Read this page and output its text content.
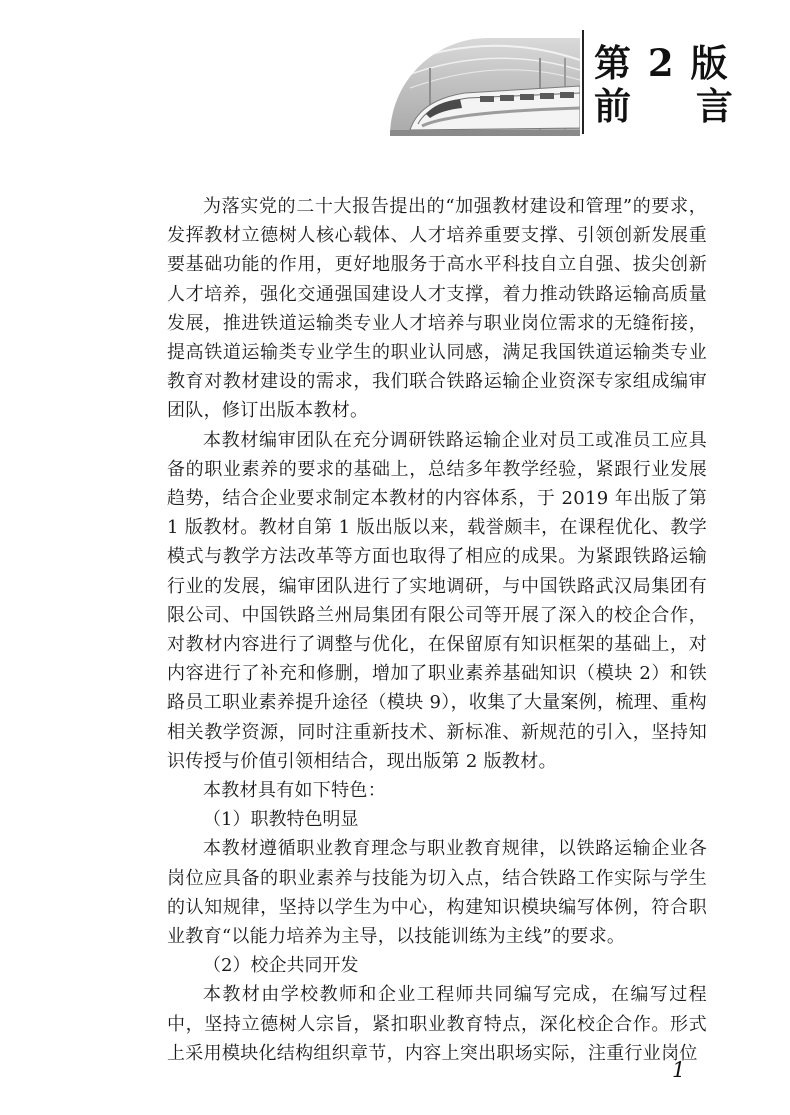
第 2 版
前 言

为落实党的二十大报告提出的“加强教材建设和管理”的要求，发挥教材立德树人核心载体、人才培养重要支撑、引领创新发展重要基础功能的作用，更好地服务于高水平科技自立自强、拔尖创新人才培养，强化交通强国建设人才支撑，着力推动铁路运输高质量发展，推进铁道运输类专业人才培养与职业岗位需求的无缝衔接，提高铁道运输类专业学生的职业认同感，满足我国铁道运输类专业教育对教材建设的需求，我们联合铁路运输企业资深专家组成编审团队，修订出版本教材。

本教材编审团队在充分调研铁路运输企业对员工或准员工应具备的职业素养的要求的基础上，总结多年教学经验，紧跟行业发展趋势，结合企业要求制定本教材的内容体系，于 2019 年出版了第 1 版教材。教材自第 1 版出版以来，载誉颇丰，在课程优化、教学模式与教学方法改革等方面也取得了相应的成果。为紧跟铁路运输行业的发展，编审团队进行了实地调研，与中国铁路武汉局集团有限公司、中国铁路兰州局集团有限公司等开展了深入的校企合作，对教材内容进行了调整与优化，在保留原有知识框架的基础上，对内容进行了补充和修删，增加了职业素养基础知识（模块 2）和铁路员工职业素养提升途径（模块 9），收集了大量案例，梳理、重构相关教学资源，同时注重新技术、新标准、新规范的引入，坚持知识传授与价值引领相结合，现出版第 2 版教材。

本教材具有如下特色：

（1）职教特色明显

本教材遵循职业教育理念与职业教育规律，以铁路运输企业各岗位应具备的职业素养与技能为切入点，结合铁路工作实际与学生的认知规律，坚持以学生为中心，构建知识模块编写体例，符合职业教育“以能力培养为主导，以技能训练为主线”的要求。

（2）校企共同开发

本教材由学校教师和企业工程师共同编写完成，在编写过程中，坚持立德树人宗旨，紧扣职业教育特点，深化校企合作。形式上采用模块化结构组织章节，内容上突出职场实际，注重行业岗位

1
